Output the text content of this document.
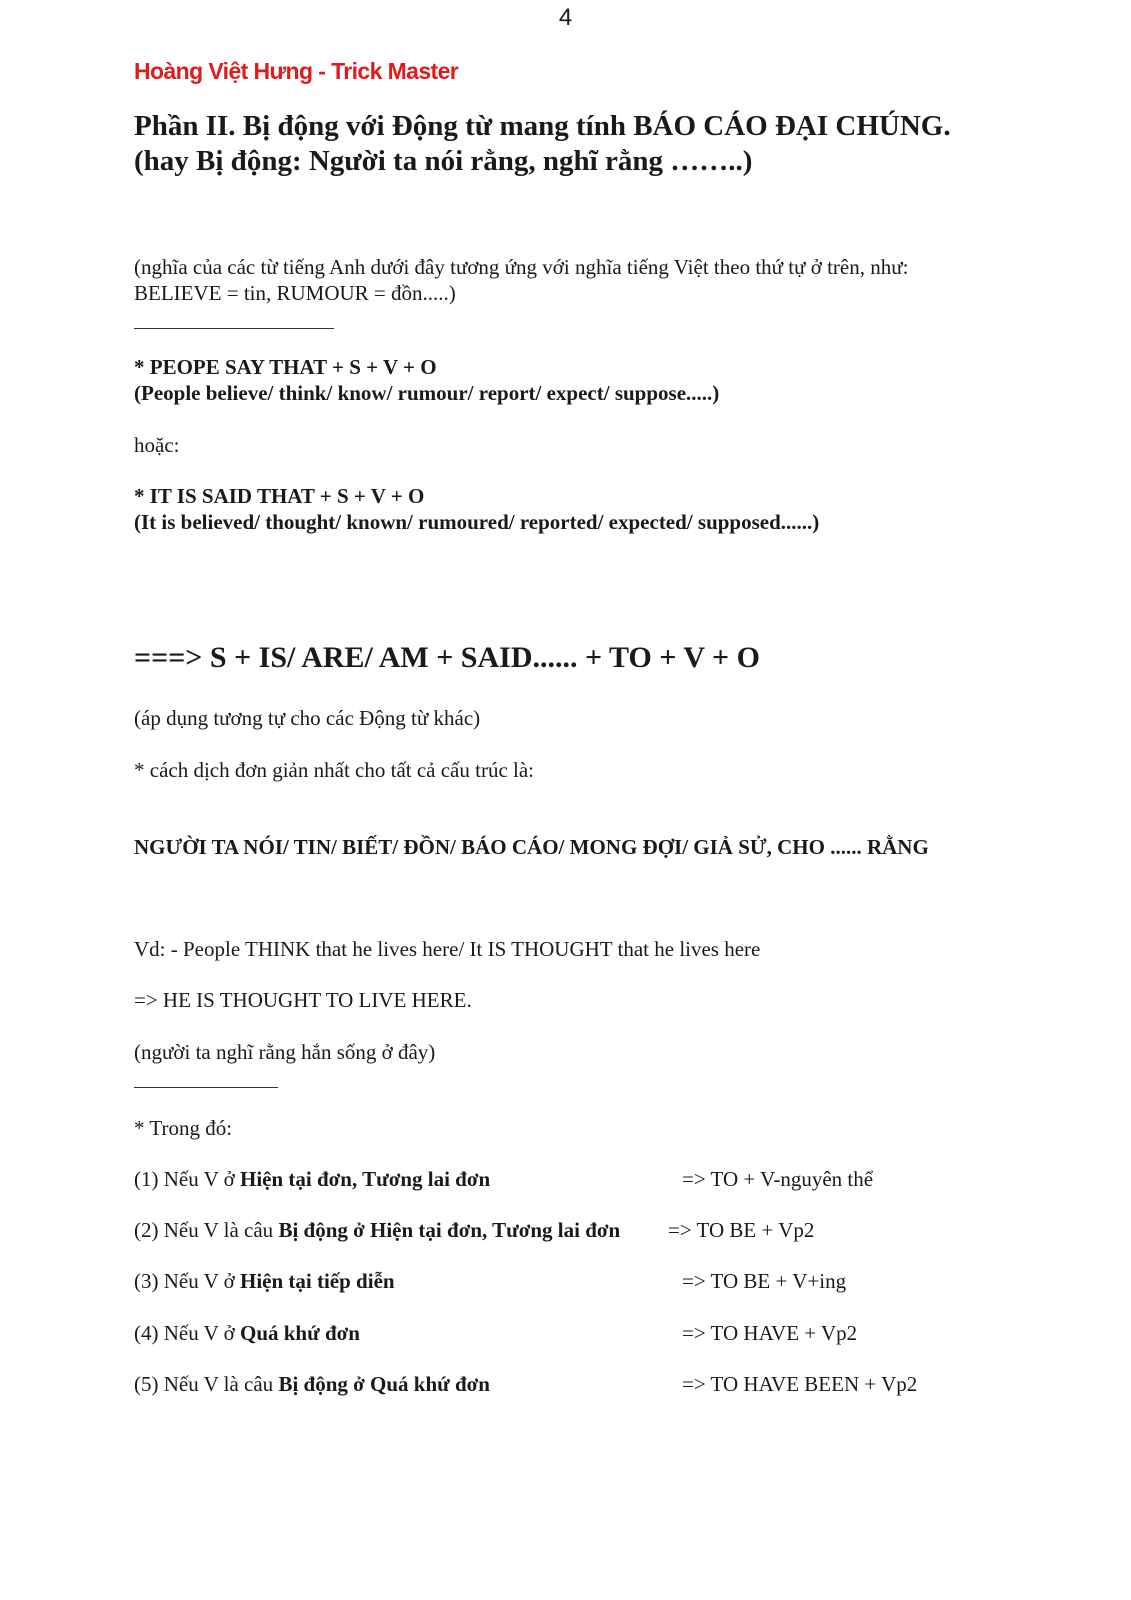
4
Hoàng Việt Hưng - Trick Master
Phần II. Bị động với Động từ mang tính BÁO CÁO ĐẠI CHÚNG.
(hay Bị động: Người ta nói rằng, nghĩ rằng ……..)
(nghĩa của các từ tiếng Anh dưới đây tương ứng với nghĩa tiếng Việt theo thứ tự ở trên, như:
BELIEVE = tin, RUMOUR = đồn.....)
* PEOPE SAY THAT + S + V + O
(People believe/ think/ know/ rumour/ report/ expect/ suppose.....)
hoặc:
* IT IS SAID THAT + S + V + O
(It is believed/ thought/ known/ rumoured/ reported/ expected/ supposed......)
===> S + IS/ ARE/ AM + SAID...... + TO + V + O
(áp dụng tương tự cho các Động từ khác)
* cách dịch đơn giản nhất cho tất cả cấu trúc là:
NGƯỜI TA NÓI/ TIN/ BIẾT/ ĐỒN/ BÁO CÁO/ MONG ĐỢI/ GIẢ SỬ, CHO ...... RẰNG
Vd: - People THINK that he lives here/ It IS THOUGHT that he lives here
=> HE IS THOUGHT TO LIVE HERE.
(người ta nghĩ rằng hắn sống ở đây)
* Trong đó:
(1) Nếu V ở Hiện tại đơn, Tương lai đơn	=> TO + V-nguyên thể
(2) Nếu V là câu Bị động ở Hiện tại đơn, Tương lai đơn => TO BE + Vp2
(3) Nếu V ở Hiện tại tiếp diễn	=> TO BE + V+ing
(4) Nếu V ở Quá khứ đơn	=> TO HAVE + Vp2
(5) Nếu V là câu Bị động ở Quá khứ đơn	=> TO HAVE BEEN + Vp2
